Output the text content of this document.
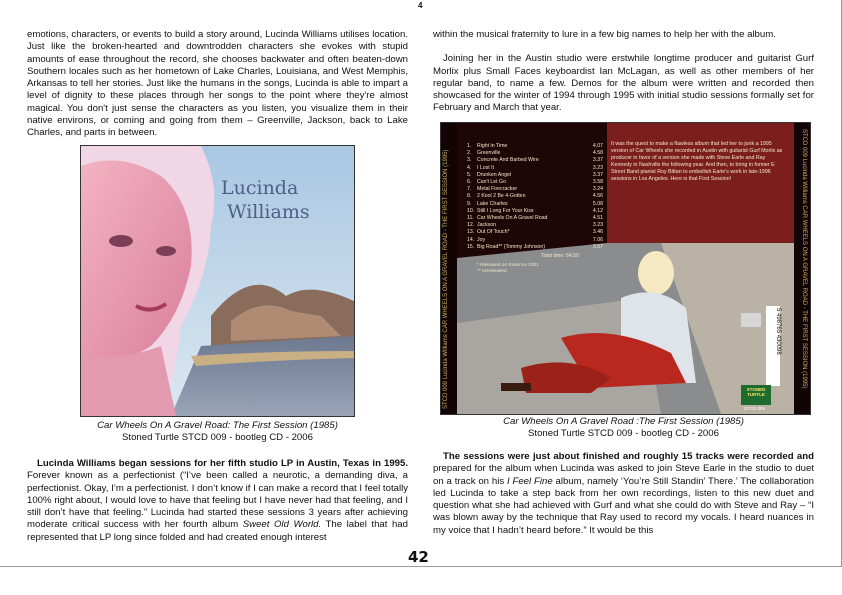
4

emotions, characters, or events to build a story around, Lucinda Williams utilises location. Just like the broken-hearted and downtrodden characters she evokes with stupid amounts of ease throughout the record, she chooses backwater and often beaten-down Southern locales such as her hometown of Lake Charles, Louisiana, and West Memphis, Arkansas to tell her stories. Just like the humans in the songs, Lucinda is able to impart a level of dignity to these places through her songs to the point where they're almost magical. You don't just sense the characters as you listen, you visualize them in their native environs, or coming and going from them – Greenville, Jackson, back to Lake Charles, and parts in between.

Lucinda
Williams
Car Wheels On A Gravel Road: The First Session (1985)
Stoned Turtle STCD 009 - bootleg CD - 2006

Lucinda Williams began sessions for her fifth studio LP in Austin, Texas in 1995. Forever known as a perfectionist (“I’ve been called a neurotic, a demanding diva, a perfectionist. Okay, I’m a perfectionist. I don’t know if I can make a record that I feel totally 100% right about, I would love to have that feeling but I have never had that feeling, and I still don’t have that feeling.” Lucinda had started these sessions 3 years after achieving moderate critical success with her fourth album Sweet Old World. The label that had represented that LP long since folded and had created enough interest

within the musical fraternity to lure in a few big names to help her with the album.

Joining her in the Austin studio were erstwhile longtime producer and guitarist Gurf Morlix plus Small Faces keyboardist Ian McLagan, as well as other members of her regular band, to name a few. Demos for the album were written and recorded then showcased for the winter of 1994 through 1995 with initial studio sessions formally set for February and March that year.

STCD 009 Lucinda Williams CAR WHEELS ON A GRAVEL ROAD - THE FIRST SESSION (1995)	STCD 009 Lucinda Williams CAR WHEELS ON A GRAVEL ROAD - THE FIRST SESSION (1995)
1.	Right in Time	4.07
2.	Greenville	4.58
3.	Concrete And Barbed Wire	3.37
4.	I Lost It	3.23
5.	Drunken Angel	3.37
6.	Can't Let Go	3.58
7.	Metal Firecracker	3.24
8.	2 Kool 2 Be 4-Gotten	4.56
9.	Lake Charles	5.08
10. Still I Long For Your Kiss	4.12
11. Car Wheels On A Gravel Road	4.51
12. Jackson	3.23
13. Out Of Touch*	3.46
14. Joy	7.06
15. Big Road** (Tommy Johnson)	3.57
Total time: 64.50
* Released on Essence 2001
** Unreleased
It was the quest to make a flawless album that led her to junk a 1995 version of Car Wheels she recorded in Austin with guitarist Gurf Morlix as producer in favor of a version she made with Steve Earle and Ray Kennedy in Nashville the following year. And then, to bring in former E Street Band pianist Roy Bittan to embellish Earle's work in late-1996 sessions in Los Angeles. Here is that First Session!
STONED TURTLE
STCD 009
5 498765 430098
Car Wheels On A Gravel Road :The First Session (1985)
Stoned Turtle STCD 009 - bootleg CD - 2006

The sessions were just about finished and roughly 15 tracks were recorded and prepared for the album when Lucinda was asked to join Steve Earle in the studio to duet on a track on his I Feel Fine album, namely ‘You’re Still Standin’ There.’ The collaboration led Lucinda to take a step back from her own recordings, listen to this new duet and question what she had achieved with Gurf and what she could do with Steve and Ray – “I was blown away by the technique that Ray used to record my vocals. I heard nuances in my voice that I hadn’t heard before.” It would be this

42
